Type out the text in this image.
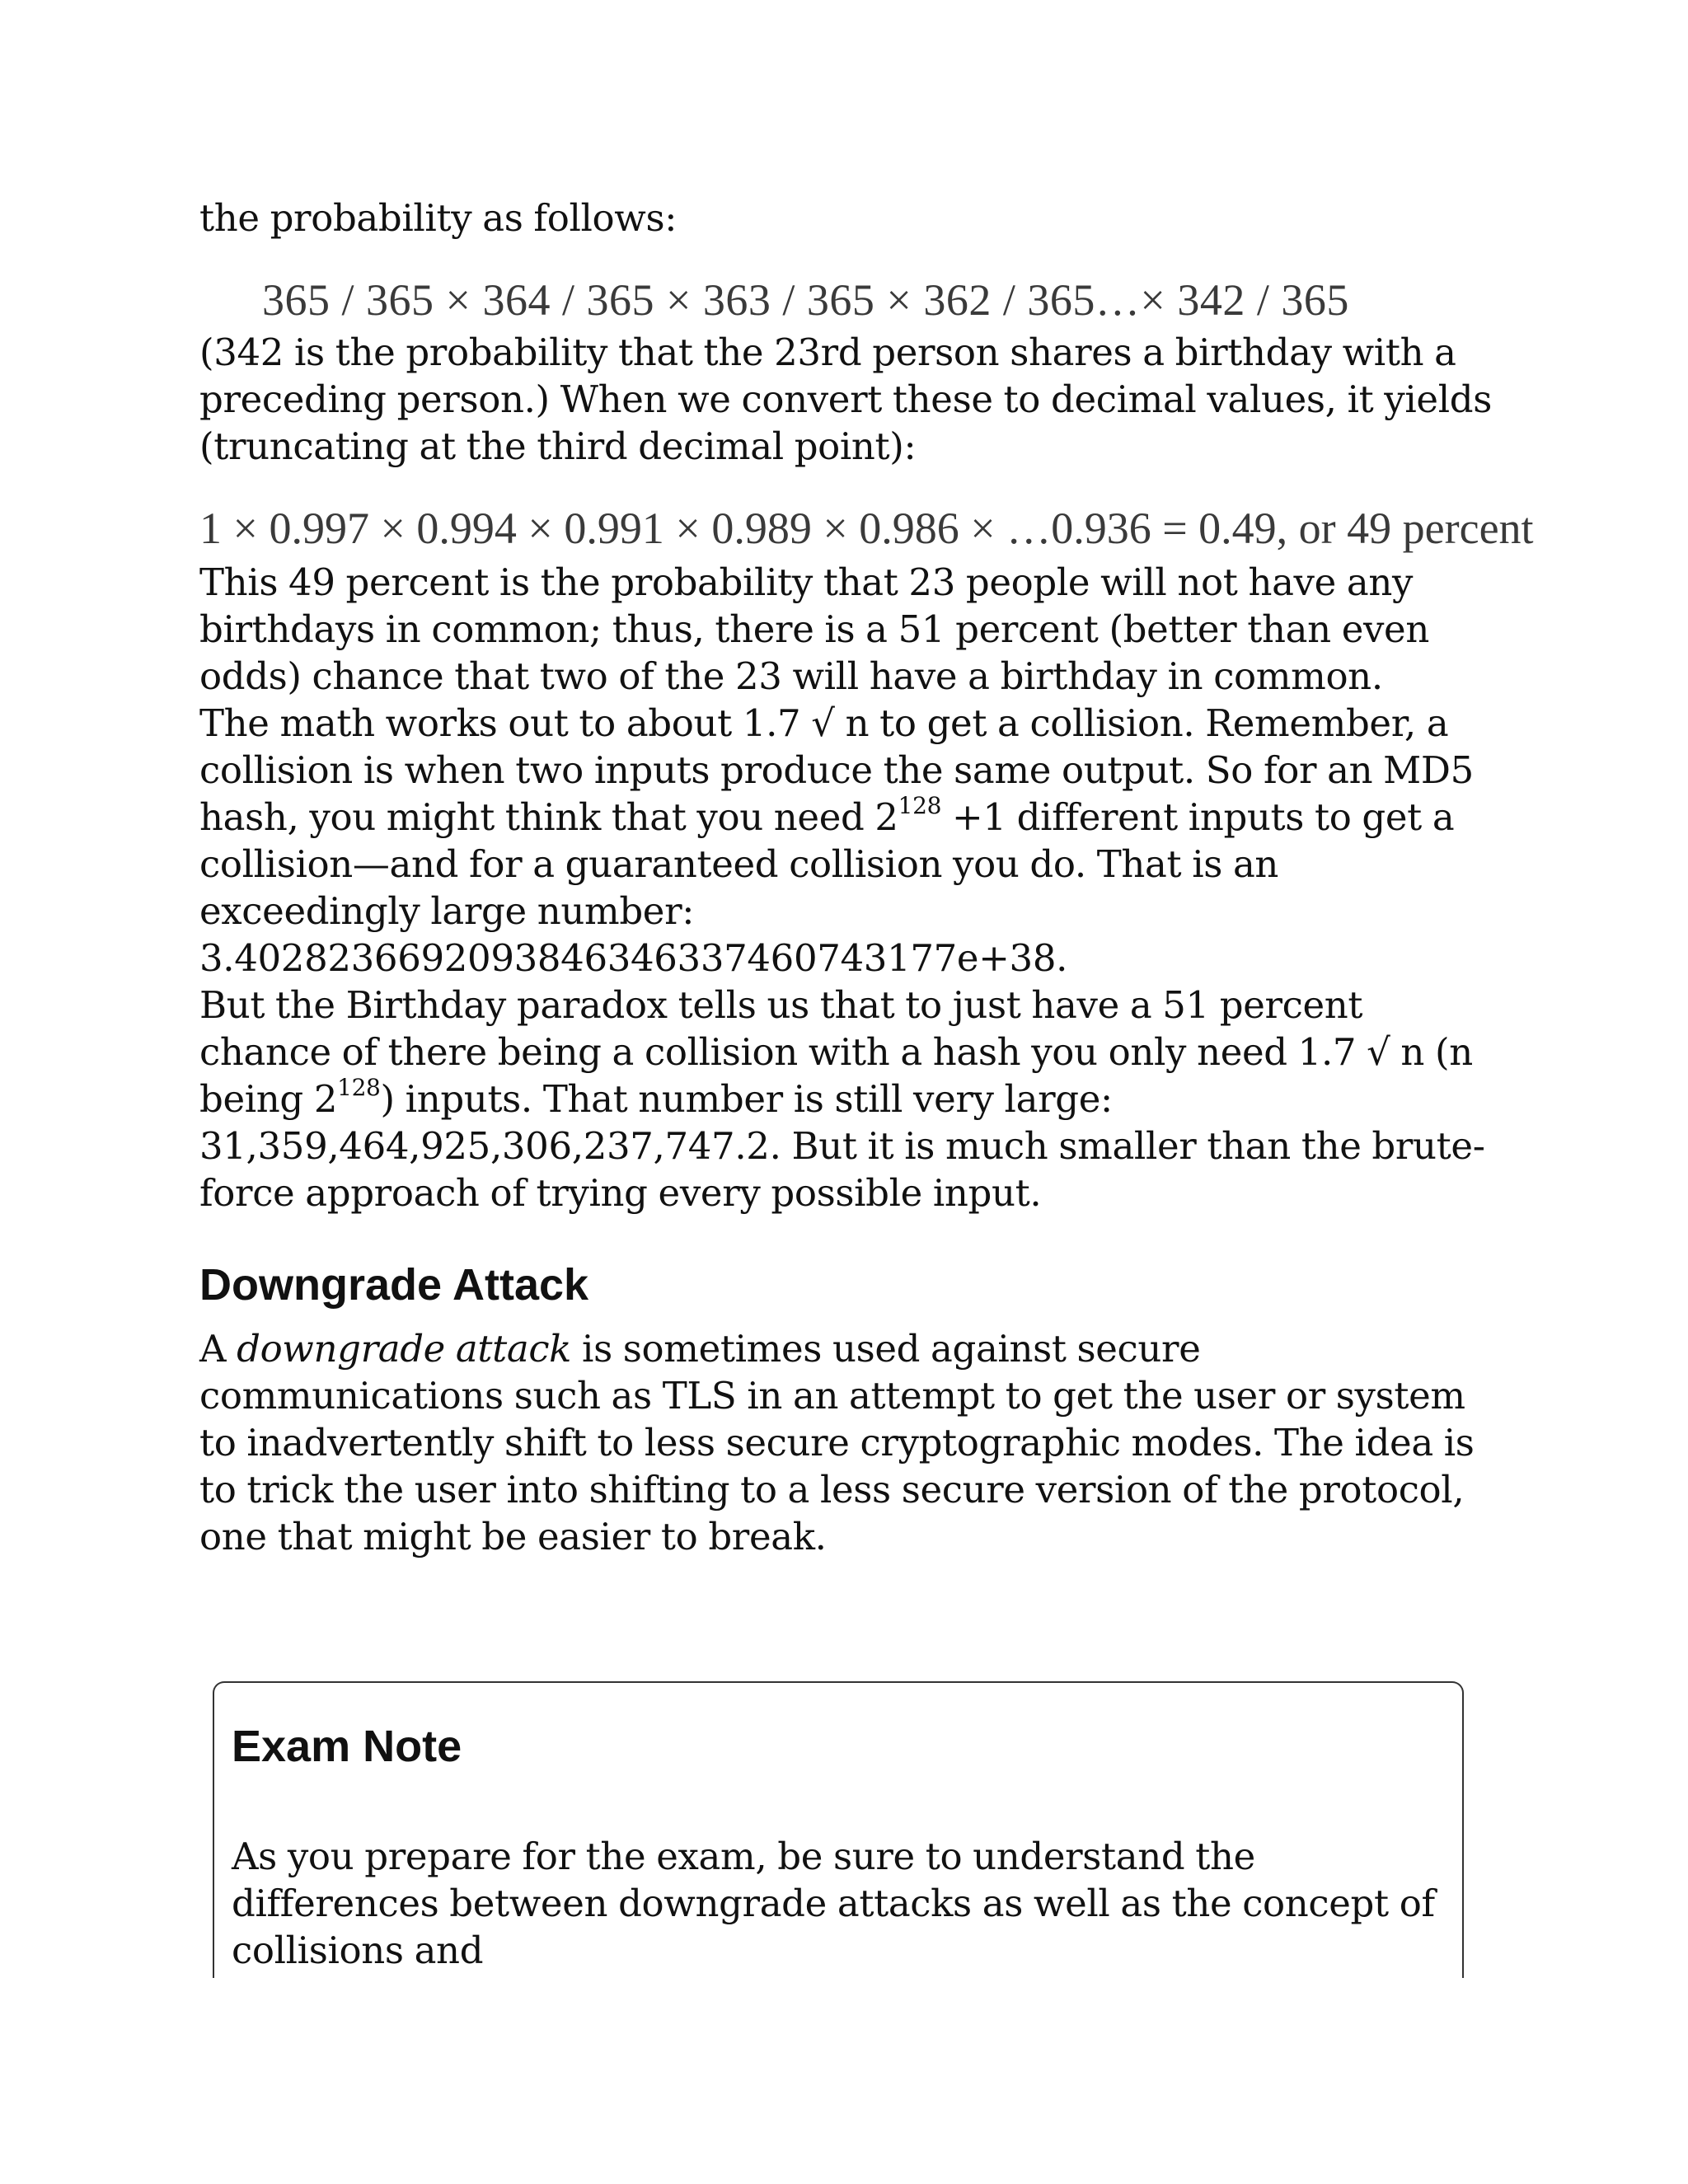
the probability as follows:

365 / 365 × 364 / 365 × 363 / 365 × 362 / 365…× 342 / 365

(342 is the probability that the 23rd person shares a birthday with a preceding person.) When we convert these to decimal values, it yields (truncating at the third decimal point):

1 × 0.997 × 0.994 × 0.991 × 0.989 × 0.986 × …0.936 = 0.49, or 49 percent

This 49 percent is the probability that 23 people will not have any birthdays in common; thus, there is a 51 percent (better than even odds) chance that two of the 23 will have a birthday in common.

The math works out to about 1.7 √ n to get a collision. Remember, a collision is when two inputs produce the same output. So for an MD5 hash, you might think that you need $2^{128} +1$ different inputs to get a collision—and for a guaranteed collision you do. That is an exceedingly large number: 3.4028236692093846346337460743177e+38.

But the Birthday paradox tells us that to just have a 51 percent chance of there being a collision with a hash you only need 1.7 √ n (n being $2^{128}$) inputs. That number is still very large: 31,359,464,925,306,237,747.2. But it is much smaller than the brute-force approach of trying every possible input.

Downgrade Attack

A downgrade attack is sometimes used against secure communications such as TLS in an attempt to get the user or system to inadvertently shift to less secure cryptographic modes. The idea is to trick the user into shifting to a less secure version of the protocol, one that might be easier to break.

Exam Note

As you prepare for the exam, be sure to understand the differences between downgrade attacks as well as the concept of collisions and
